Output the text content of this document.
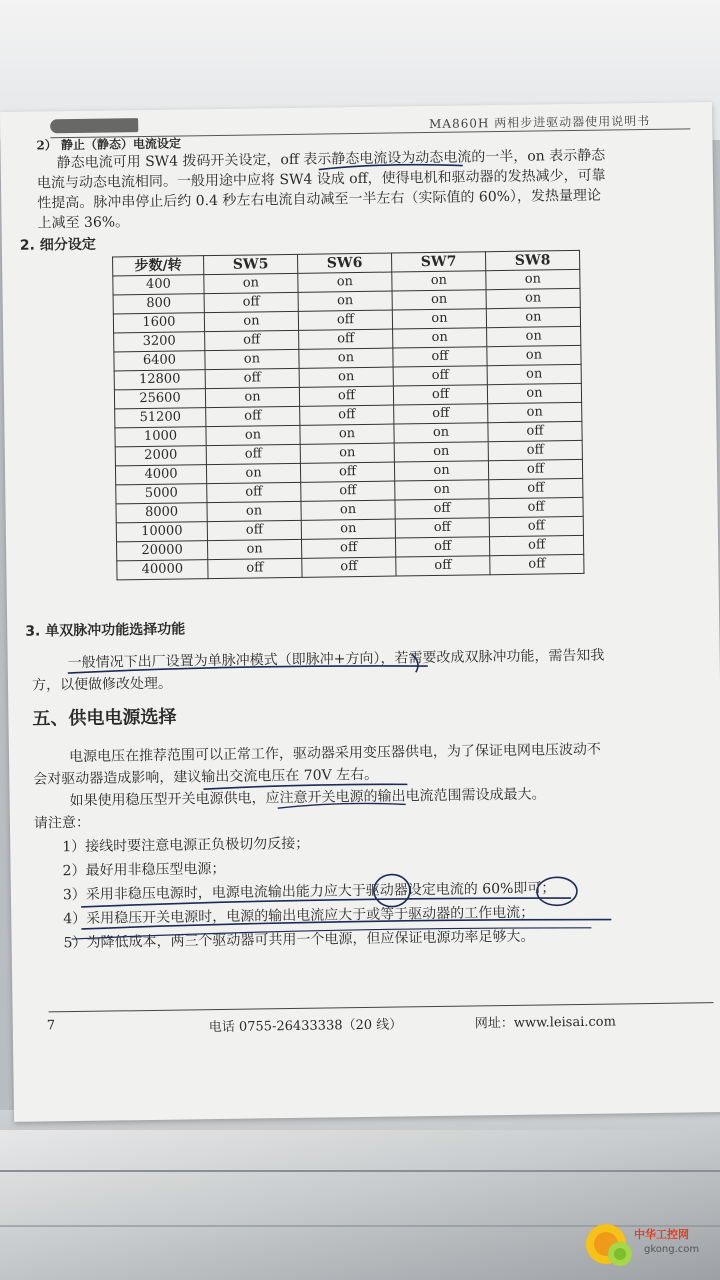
MA860H 两相步进驱动器使用说明书
2） 静止（静态）电流设定
静态电流可用 SW4 拨码开关设定，off 表示静态电流设为动态电流的一半，on 表示静态
电流与动态电流相同。一般用途中应将 SW4 设成 off，使得电机和驱动器的发热减少，可靠
性提高。脉冲串停止后约 0.4 秒左右电流自动减至一半左右（实际值的 60%），发热量理论
上减至 36%。
2. 细分设定
步数/转	SW5	SW6	SW7	SW8
400	on	on	on	on
800	off	on	on	on
1600	on	off	on	on
3200	off	off	on	on
6400	on	on	off	on
12800	off	on	off	on
25600	on	off	off	on
51200	off	off	off	on
1000	on	on	on	off
2000	off	on	on	off
4000	on	off	on	off
5000	off	off	on	off
8000	on	on	off	off
10000	off	on	off	off
20000	on	off	off	off
40000	off	off	off	off
3. 单双脉冲功能选择功能
一般情况下出厂设置为单脉冲模式（即脉冲+方向），若需要改成双脉冲功能，需告知我
方，以便做修改处理。
五、供电电源选择
电源电压在推荐范围可以正常工作，驱动器采用变压器供电，为了保证电网电压波动不
会对驱动器造成影响，建议输出交流电压在 70V 左右。
如果使用稳压型开关电源供电，应注意开关电源的输出电流范围需设成最大。
请注意：
1）接线时要注意电源正负极切勿反接；
2）最好用非稳压型电源；
3）采用非稳压电源时，电源电流输出能力应大于驱动器设定电流的 60%即可；
4）采用稳压开关电源时，电源的输出电流应大于或等于驱动器的工作电流；
5）为降低成本，两三个驱动器可共用一个电源，但应保证电源功率足够大。
7	电话 0755-26433338（20 线）	网址：www.leisai.com
中华工控网
gkong.com
